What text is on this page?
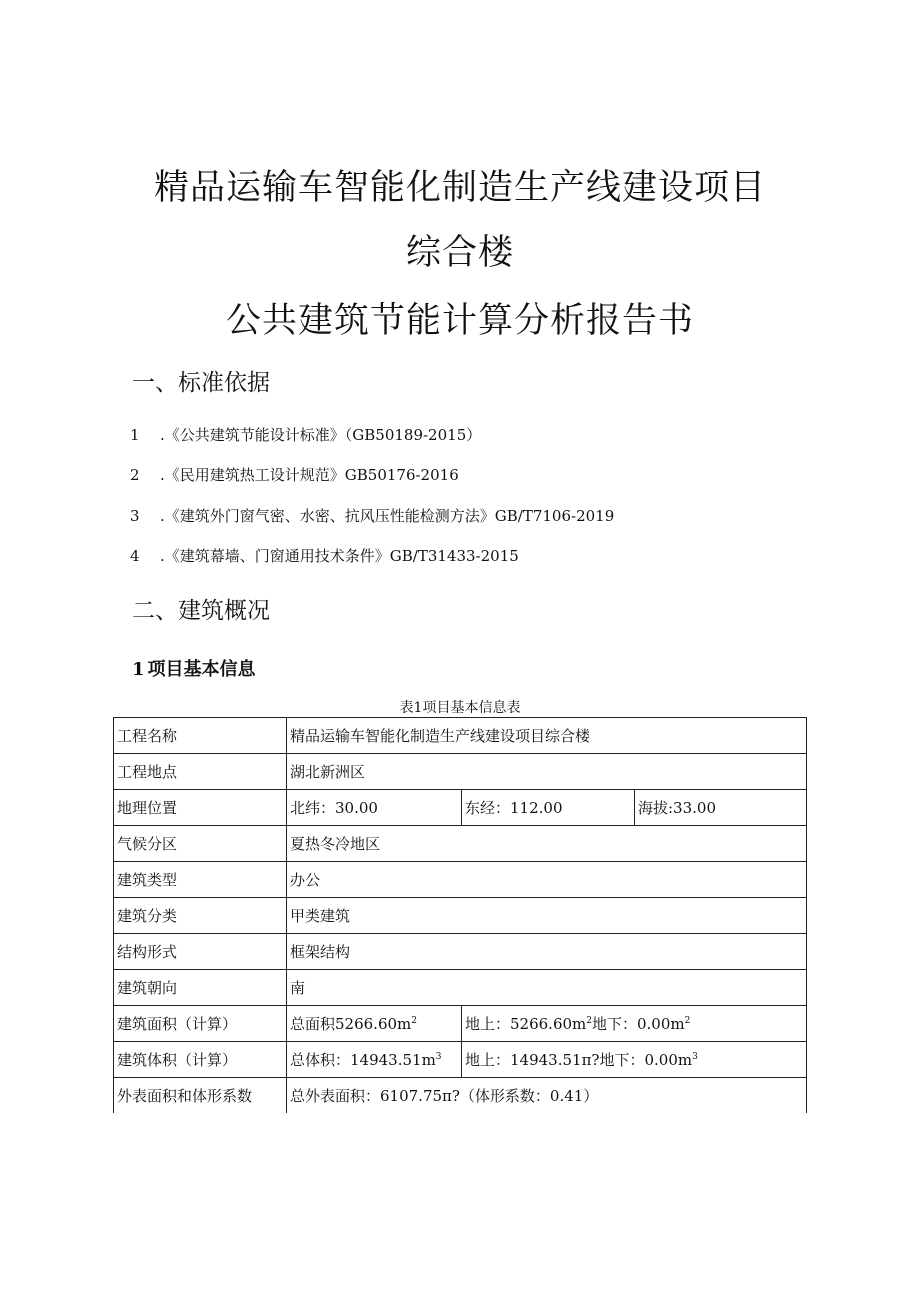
精品运输车智能化制造生产线建设项目
综合楼
公共建筑节能计算分析报告书
一、标准依据
1 .《公共建筑节能设计标准》（GB50189-2015）
2 .《民用建筑热工设计规范》GB50176-2016
3 .《建筑外门窗气密、水密、抗风压性能检测方法》GB/T7106-2019
4 .《建筑幕墙、门窗通用技术条件》GB/T31433-2015
二、建筑概况
1 项目基本信息
表1项目基本信息表
工程名称	精品运输车智能化制造生产线建设项目综合楼		
工程地点	湖北新洲区		
地理位置	北纬：30.00	东经：112.00	海拔:33.00
气候分区	夏热冬冷地区		
建筑类型	办公		
建筑分类	甲类建筑		
结构形式	框架结构		
建筑朝向	南		
建筑面积（计算）	总面积$5266.60m^2$	地上：$5266.60m^2$地下：$0.00m^2$
建筑体积（计算）	总体积：$14943.51m^3$	地上：14943.51π?地下：$0.00m^3$
外表面积和体形系数	总外表面积：6107.75π?（体形系数：0.41）		
